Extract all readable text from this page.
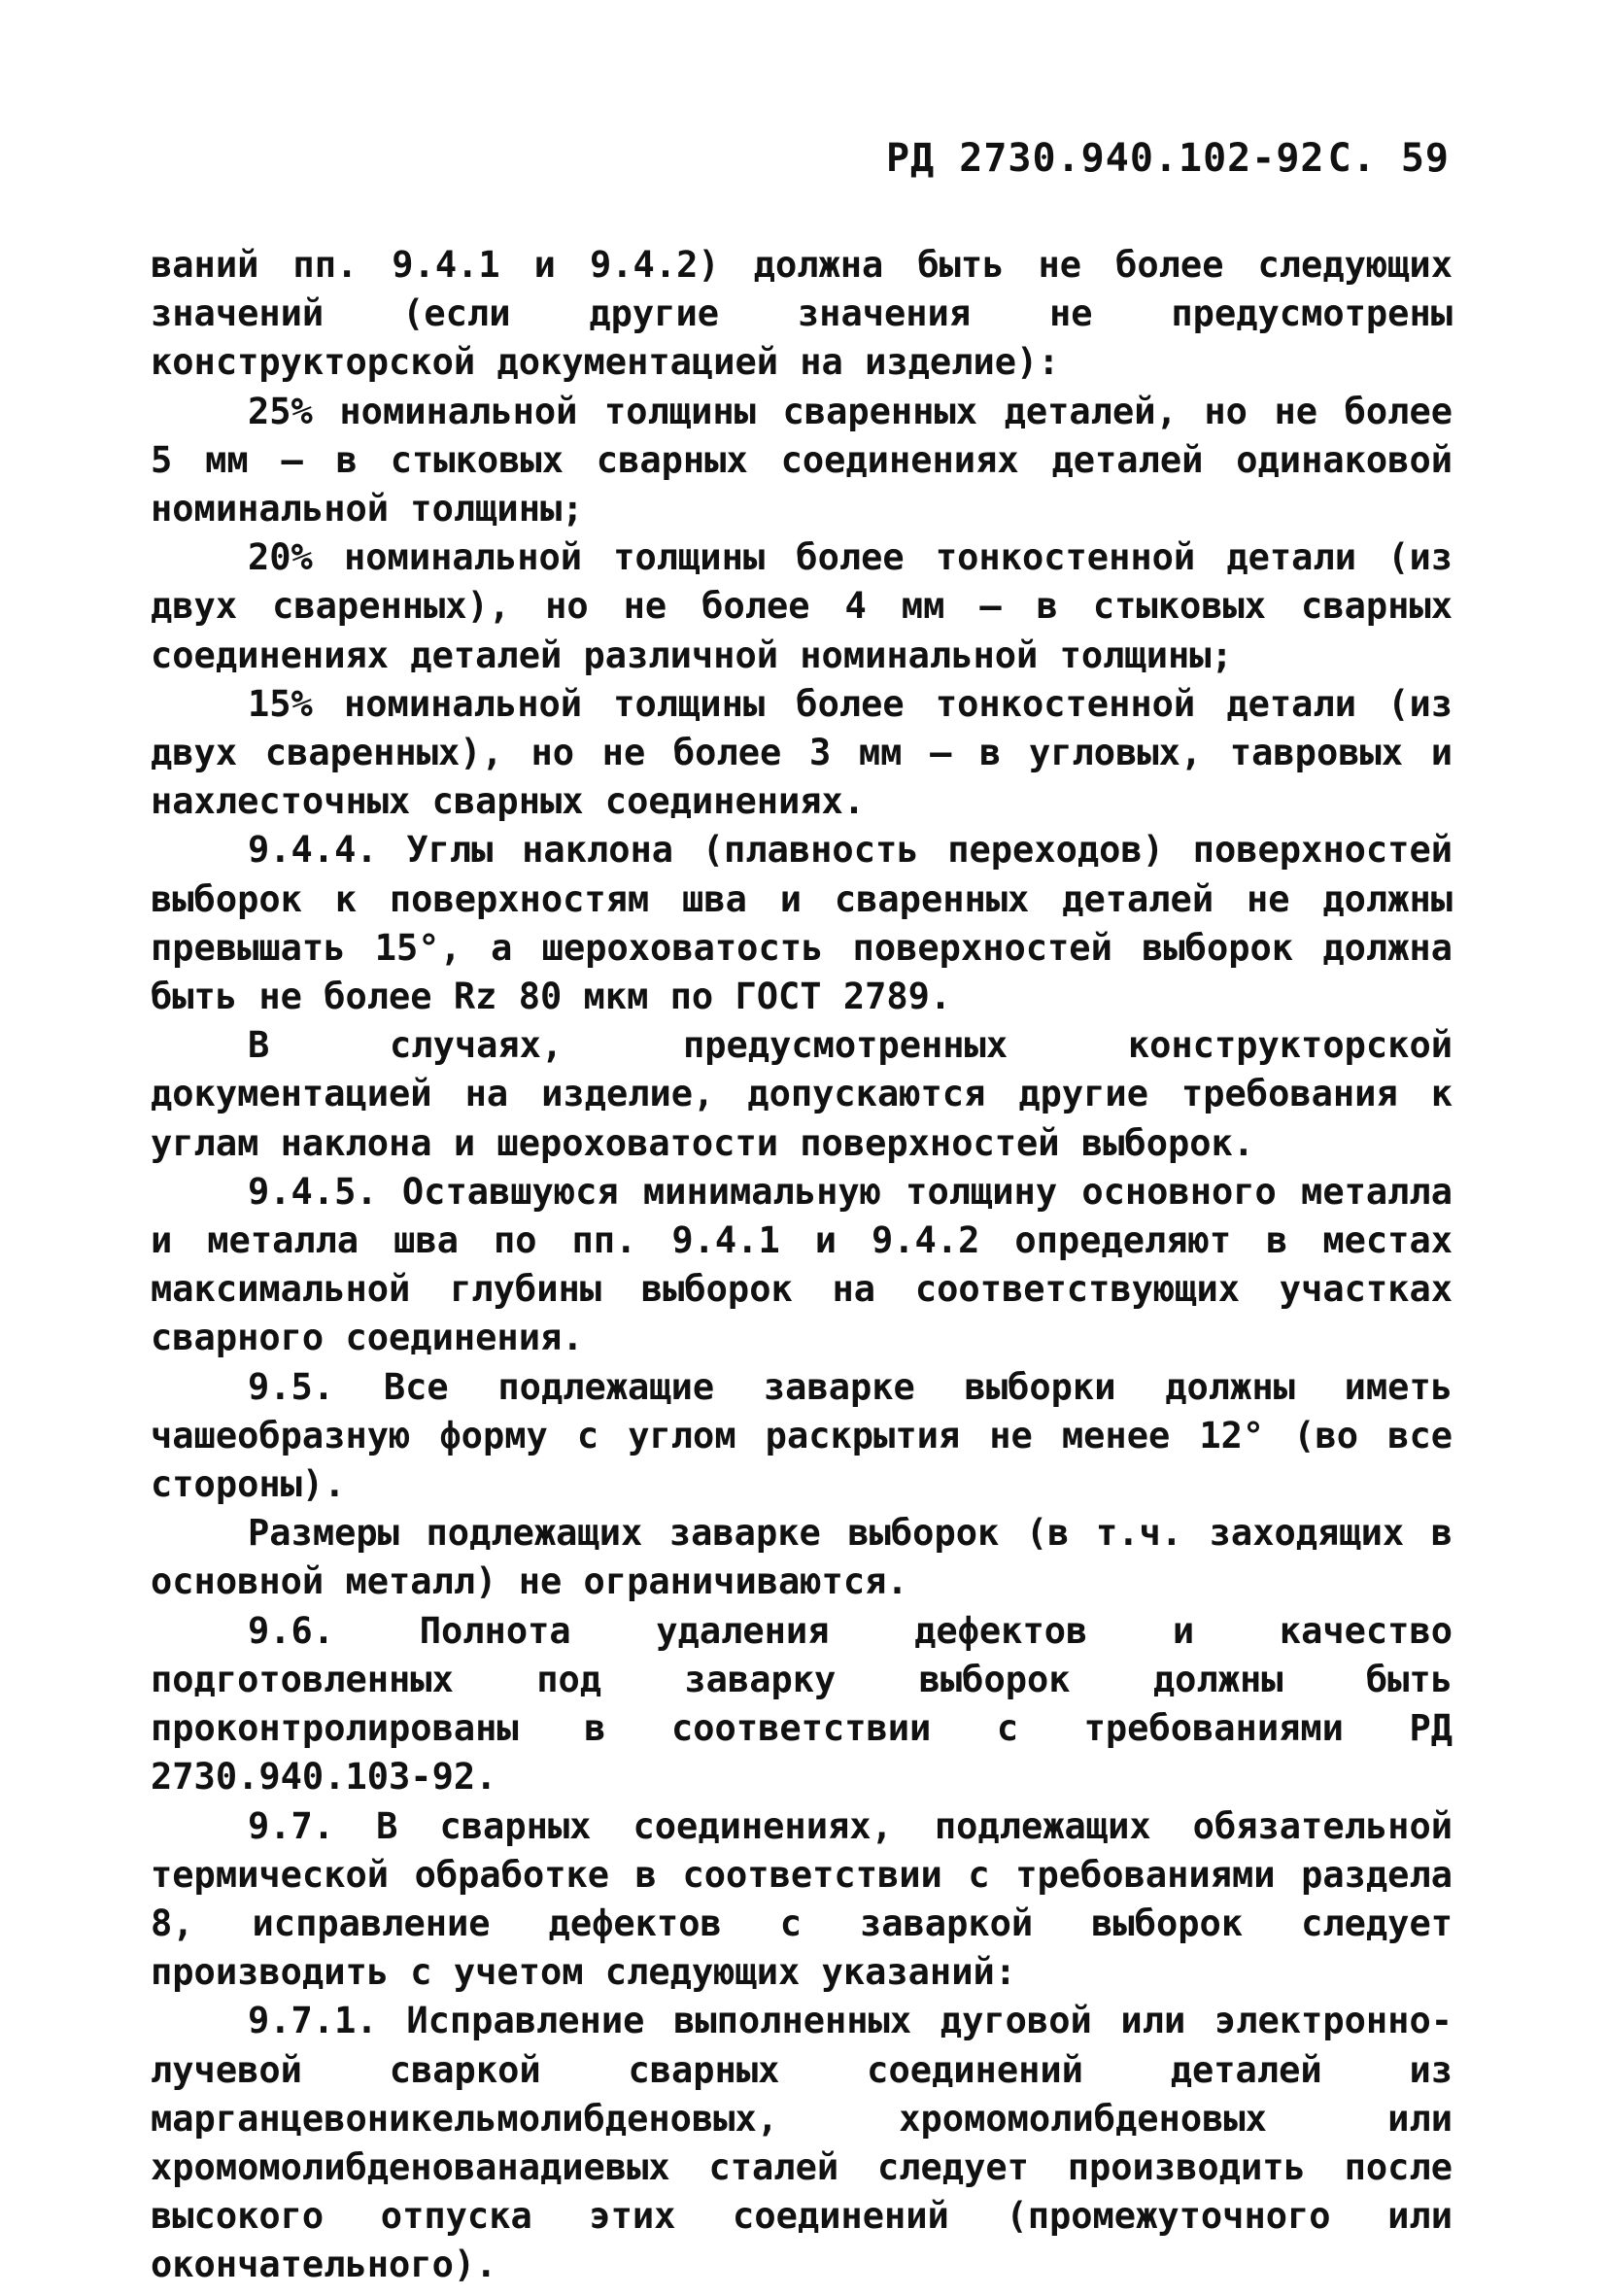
РД 2730.940.102-92 С. 59

ваний пп. 9.4.1 и 9.4.2) должна быть не более следующих значений (если другие значения не предусмотрены конструкторской документацией на изделие):

25% номинальной толщины сваренных деталей, но не более 5 мм – в стыковых сварных соединениях деталей одинаковой номинальной толщины;

20% номинальной толщины более тонкостенной детали (из двух сваренных), но не более 4 мм – в стыковых сварных соединениях деталей различной номинальной толщины;

15% номинальной толщины более тонкостенной детали (из двух сваренных), но не более 3 мм – в угловых, тавровых и нахлесточных сварных соединениях.

9.4.4. Углы наклона (плавность переходов) поверхностей выборок к поверхностям шва и сваренных деталей не должны превышать 15°, а шероховатость поверхностей выборок должна быть не более Rz 80 мкм по ГОСТ 2789.

В случаях, предусмотренных конструкторской документацией на изделие, допускаются другие требования к углам наклона и шероховатости поверхностей выборок.

9.4.5. Оставшуюся минимальную толщину основного металла и металла шва по пп. 9.4.1 и 9.4.2 определяют в местах максимальной глубины выборок на соответствующих участках сварного соединения.

9.5. Все подлежащие заварке выборки должны иметь чашеобразную форму с углом раскрытия не менее 12° (во все стороны).

Размеры подлежащих заварке выборок (в т.ч. заходящих в основной металл) не ограничиваются.

9.6. Полнота удаления дефектов и качество подготовленных под заварку выборок должны быть проконтролированы в соответствии с требованиями РД 2730.940.103-92.

9.7. В сварных соединениях, подлежащих обязательной термической обработке в соответствии с требованиями раздела 8, исправление дефектов с заваркой выборок следует производить с учетом следующих указаний:

9.7.1. Исправление выполненных дуговой или электронно-лучевой сваркой сварных соединений деталей из марганцевоникельмолибденовых, хромомолибденовых или хромомолибденованадиевых сталей следует производить после высокого отпуска этих соединений (промежуточного или окончательного).
